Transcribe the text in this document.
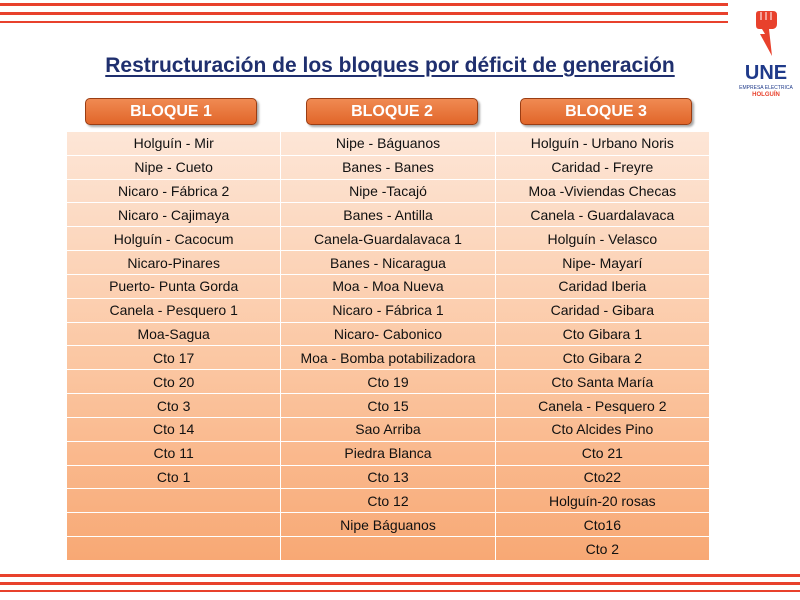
UNE
EMPRESA ELECTRICA
HOLGUÍN
Restructuración de los bloques por déficit de generación
BLOQUE 1	BLOQUE 2	BLOQUE 3
Holguín - Mir	Nipe - Báguanos	Holguín - Urbano Noris
Nipe - Cueto	Banes - Banes	Caridad - Freyre
Nicaro - Fábrica 2	Nipe -Tacajó	Moa -Viviendas Checas
Nicaro - Cajimaya	Banes - Antilla	Canela - Guardalavaca
Holguín - Cacocum	Canela-Guardalavaca 1	Holguín - Velasco
Nicaro-Pinares	Banes - Nicaragua	Nipe- Mayarí
Puerto- Punta Gorda	Moa - Moa Nueva	Caridad Iberia
Canela - Pesquero 1	Nicaro - Fábrica 1	Caridad - Gibara
Moa-Sagua	Nicaro- Cabonico	Cto Gibara 1
Cto 17	Moa - Bomba potabilizadora	Cto Gibara 2
Cto 20	Cto 19	Cto Santa María
Cto 3	Cto 15	Canela - Pesquero 2
Cto 14	Sao Arriba	Cto Alcides Pino
Cto 11	Piedra Blanca	Cto 21
Cto 1	Cto 13	Cto22
	Cto 12	Holguín-20 rosas
	Nipe Báguanos	Cto16
		Cto 2
